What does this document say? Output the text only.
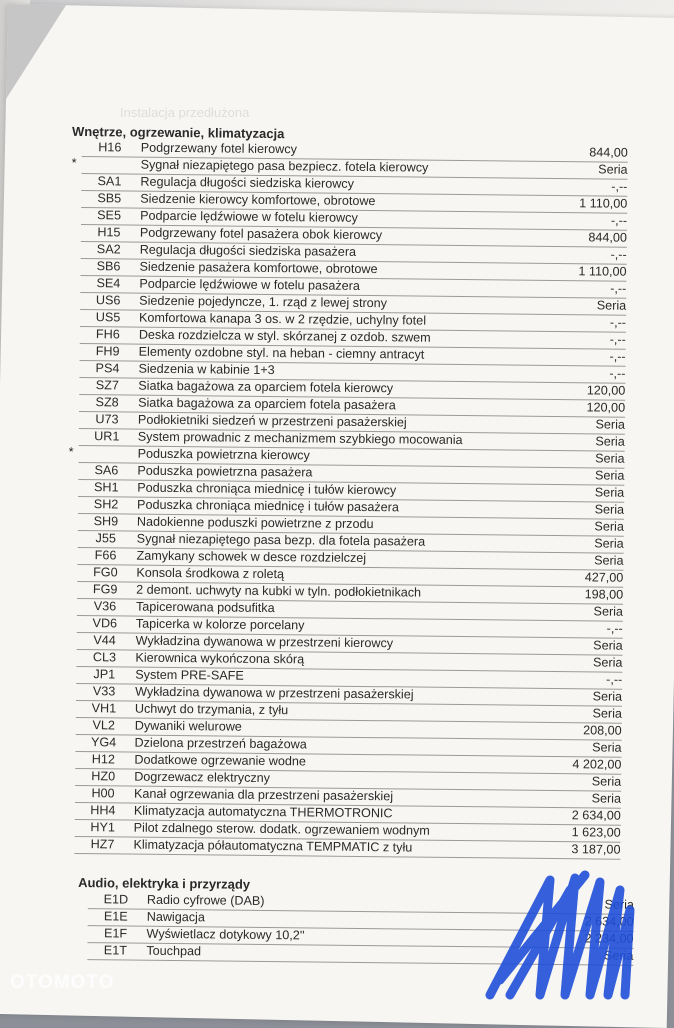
Instalacja przedłużona
Wnętrze, ogrzewanie, klimatyzacja
H16	Podgrzewany fotel kierowcy	844,00
*	Sygnał niezapiętego pasa bezpiecz. fotela kierowcy	Seria
SA1	Regulacja długości siedziska kierowcy	-,--
SB5	Siedzenie kierowcy komfortowe, obrotowe	1 110,00
SE5	Podparcie lędźwiowe w fotelu kierowcy	-,--
H15	Podgrzewany fotel pasażera obok kierowcy	844,00
SA2	Regulacja długości siedziska pasażera	-,--
SB6	Siedzenie pasażera komfortowe, obrotowe	1 110,00
SE4	Podparcie lędźwiowe w fotelu pasażera	-,--
US6	Siedzenie pojedyncze, 1. rząd z lewej strony	Seria
US5	Komfortowa kanapa 3 os. w 2 rzędzie, uchylny fotel	-,--
FH6	Deska rozdzielcza w styl. skórzanej z ozdob. szwem	-,--
FH9	Elementy ozdobne styl. na heban - ciemny antracyt	-,--
PS4	Siedzenia w kabinie 1+3	-,--
SZ7	Siatka bagażowa za oparciem fotela kierowcy	120,00
SZ8	Siatka bagażowa za oparciem fotela pasażera	120,00
U73	Podłokietniki siedzeń w przestrzeni pasażerskiej	Seria
UR1	System prowadnic z mechanizmem szybkiego mocowania	Seria
*	Poduszka powietrzna kierowcy	Seria
SA6	Poduszka powietrzna pasażera	Seria
SH1	Poduszka chroniąca miednicę i tułów kierowcy	Seria
SH2	Poduszka chroniąca miednicę i tułów pasażera	Seria
SH9	Nadokienne poduszki powietrzne z przodu	Seria
J55	Sygnał niezapiętego pasa bezp. dla fotela pasażera	Seria
F66	Zamykany schowek w desce rozdzielczej	Seria
FG0	Konsola środkowa z roletą	427,00
FG9	2 demont. uchwyty na kubki w tyln. podłokietnikach	198,00
V36	Tapicerowana podsufitka	Seria
VD6	Tapicerka w kolorze porcelany	-,--
V44	Wykładzina dywanowa w przestrzeni kierowcy	Seria
CL3	Kierownica wykończona skórą	Seria
JP1	System PRE-SAFE	-,--
V33	Wykładzina dywanowa w przestrzeni pasażerskiej	Seria
VH1	Uchwyt do trzymania, z tyłu	Seria
VL2	Dywaniki welurowe	208,00
YG4	Dzielona przestrzeń bagażowa	Seria
H12	Dodatkowe ogrzewanie wodne	4 202,00
HZ0	Dogrzewacz elektryczny	Seria
H00	Kanał ogrzewania dla przestrzeni pasażerskiej	Seria
HH4	Klimatyzacja automatyczna THERMOTRONIC	2 634,00
HY1	Pilot zdalnego sterow. dodatk. ogrzewaniem wodnym	1 623,00
HZ7	Klimatyzacja półautomatyczna TEMPMATIC z tyłu	3 187,00
Audio, elektryka i przyrządy
E1D	Radio cyfrowe (DAB)	Seria
E1E	Nawigacja	2 634,00
E1F	Wyświetlacz dotykowy 10,2''	2 234,00
E1T	Touchpad	Seria
OTOMOTO
